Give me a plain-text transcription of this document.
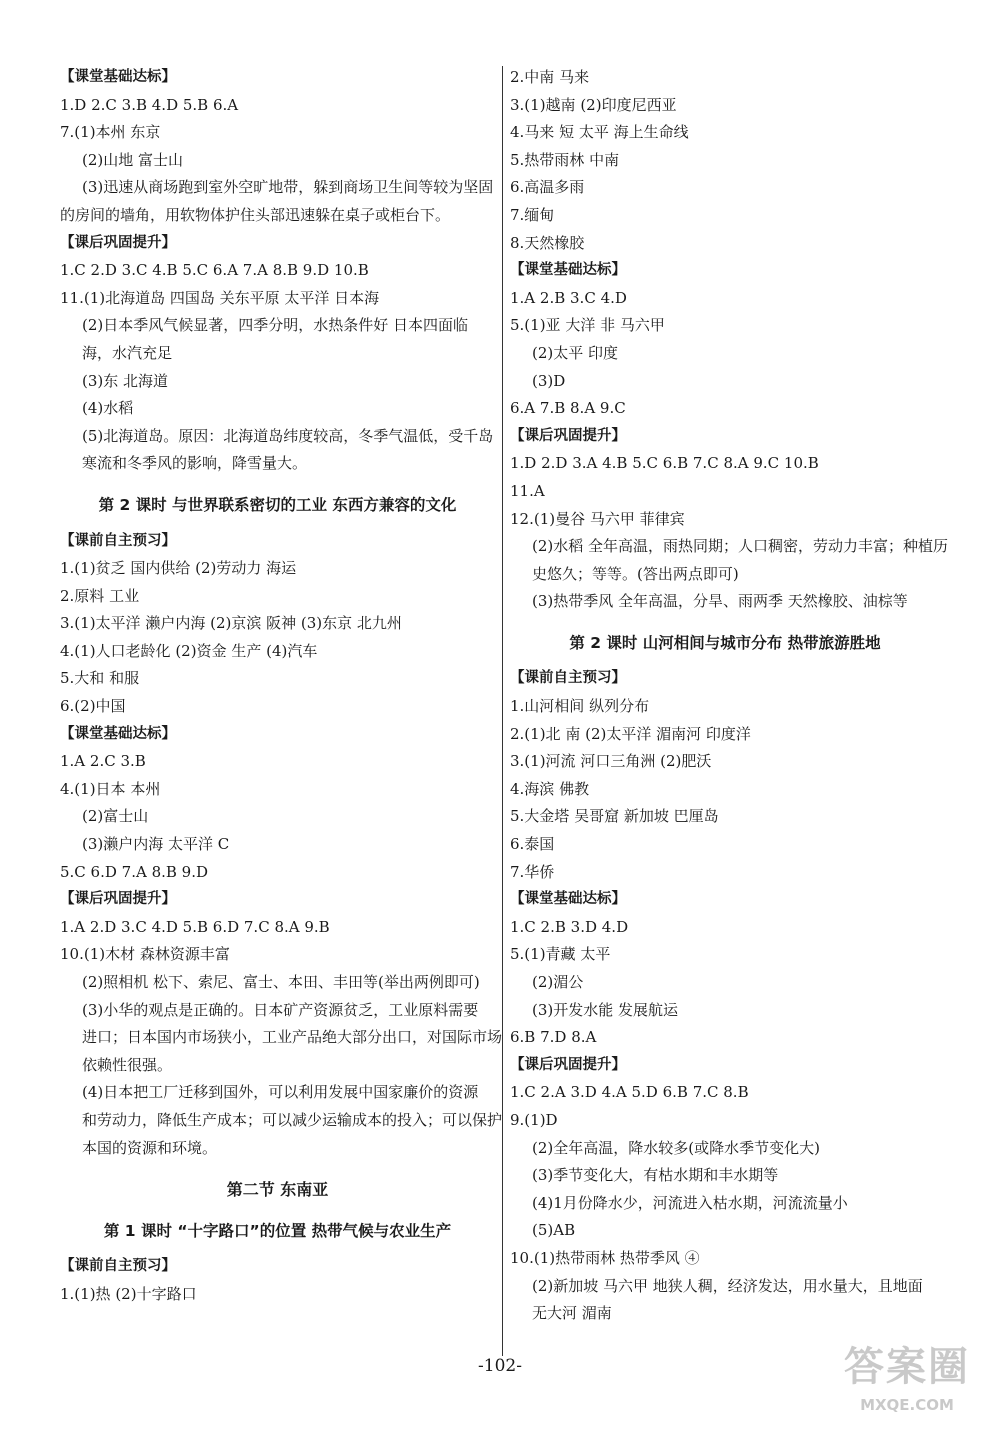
【课堂基础达标】
1.D 2.C 3.B 4.D 5.B 6.A
7.(1)本州 东京
(2)山地 富士山
(3)迅速从商场跑到室外空旷地带，躲到商场卫生间等较为坚固
的房间的墙角，用软物体护住头部迅速躲在桌子或柜台下。
【课后巩固提升】
1.C 2.D 3.C 4.B 5.C 6.A 7.A 8.B 9.D 10.B
11.(1)北海道岛 四国岛 关东平原 太平洋 日本海
(2)日本季风气候显著，四季分明，水热条件好 日本四面临
海，水汽充足
(3)东 北海道
(4)水稻
(5)北海道岛。原因：北海道岛纬度较高，冬季气温低，受千岛
寒流和冬季风的影响，降雪量大。
第 2 课时 与世界联系密切的工业 东西方兼容的文化
【课前自主预习】
1.(1)贫乏 国内供给 (2)劳动力 海运
2.原料 工业
3.(1)太平洋 濑户内海 (2)京滨 阪神 (3)东京 北九州
4.(1)人口老龄化 (2)资金 生产 (4)汽车
5.大和 和服
6.(2)中国
【课堂基础达标】
1.A 2.C 3.B
4.(1)日本 本州
(2)富士山
(3)濑户内海 太平洋 C
5.C 6.D 7.A 8.B 9.D
【课后巩固提升】
1.A 2.D 3.C 4.D 5.B 6.D 7.C 8.A 9.B
10.(1)木材 森林资源丰富
(2)照相机 松下、索尼、富士、本田、丰田等(举出两例即可)
(3)小华的观点是正确的。日本矿产资源贫乏，工业原料需要
进口；日本国内市场狭小，工业产品绝大部分出口，对国际市场
依赖性很强。
(4)日本把工厂迁移到国外，可以利用发展中国家廉价的资源
和劳动力，降低生产成本；可以减少运输成本的投入；可以保护
本国的资源和环境。
第二节 东南亚
第 1 课时 “十字路口”的位置 热带气候与农业生产
【课前自主预习】
1.(1)热 (2)十字路口
2.中南 马来
3.(1)越南 (2)印度尼西亚
4.马来 短 太平 海上生命线
5.热带雨林 中南
6.高温多雨
7.缅甸
8.天然橡胶
【课堂基础达标】
1.A 2.B 3.C 4.D
5.(1)亚 大洋 非 马六甲
(2)太平 印度
(3)D
6.A 7.B 8.A 9.C
【课后巩固提升】
1.D 2.D 3.A 4.B 5.C 6.B 7.C 8.A 9.C 10.B
11.A
12.(1)曼谷 马六甲 菲律宾
(2)水稻 全年高温，雨热同期；人口稠密，劳动力丰富；种植历
史悠久；等等。(答出两点即可)
(3)热带季风 全年高温，分旱、雨两季 天然橡胶、油棕等
第 2 课时 山河相间与城市分布 热带旅游胜地
【课前自主预习】
1.山河相间 纵列分布
2.(1)北 南 (2)太平洋 湄南河 印度洋
3.(1)河流 河口三角洲 (2)肥沃
4.海滨 佛教
5.大金塔 吴哥窟 新加坡 巴厘岛
6.泰国
7.华侨
【课堂基础达标】
1.C 2.B 3.D 4.D
5.(1)青藏 太平
(2)湄公
(3)开发水能 发展航运
6.B 7.D 8.A
【课后巩固提升】
1.C 2.A 3.D 4.A 5.D 6.B 7.C 8.B
9.(1)D
(2)全年高温，降水较多(或降水季节变化大)
(3)季节变化大，有枯水期和丰水期等
(4)1月份降水少，河流进入枯水期，河流流量小
(5)AB
10.(1)热带雨林 热带季风 ④
(2)新加坡 马六甲 地狭人稠，经济发达，用水量大，且地面
无大河 湄南
-102-	答案圈
MXQE.COM
